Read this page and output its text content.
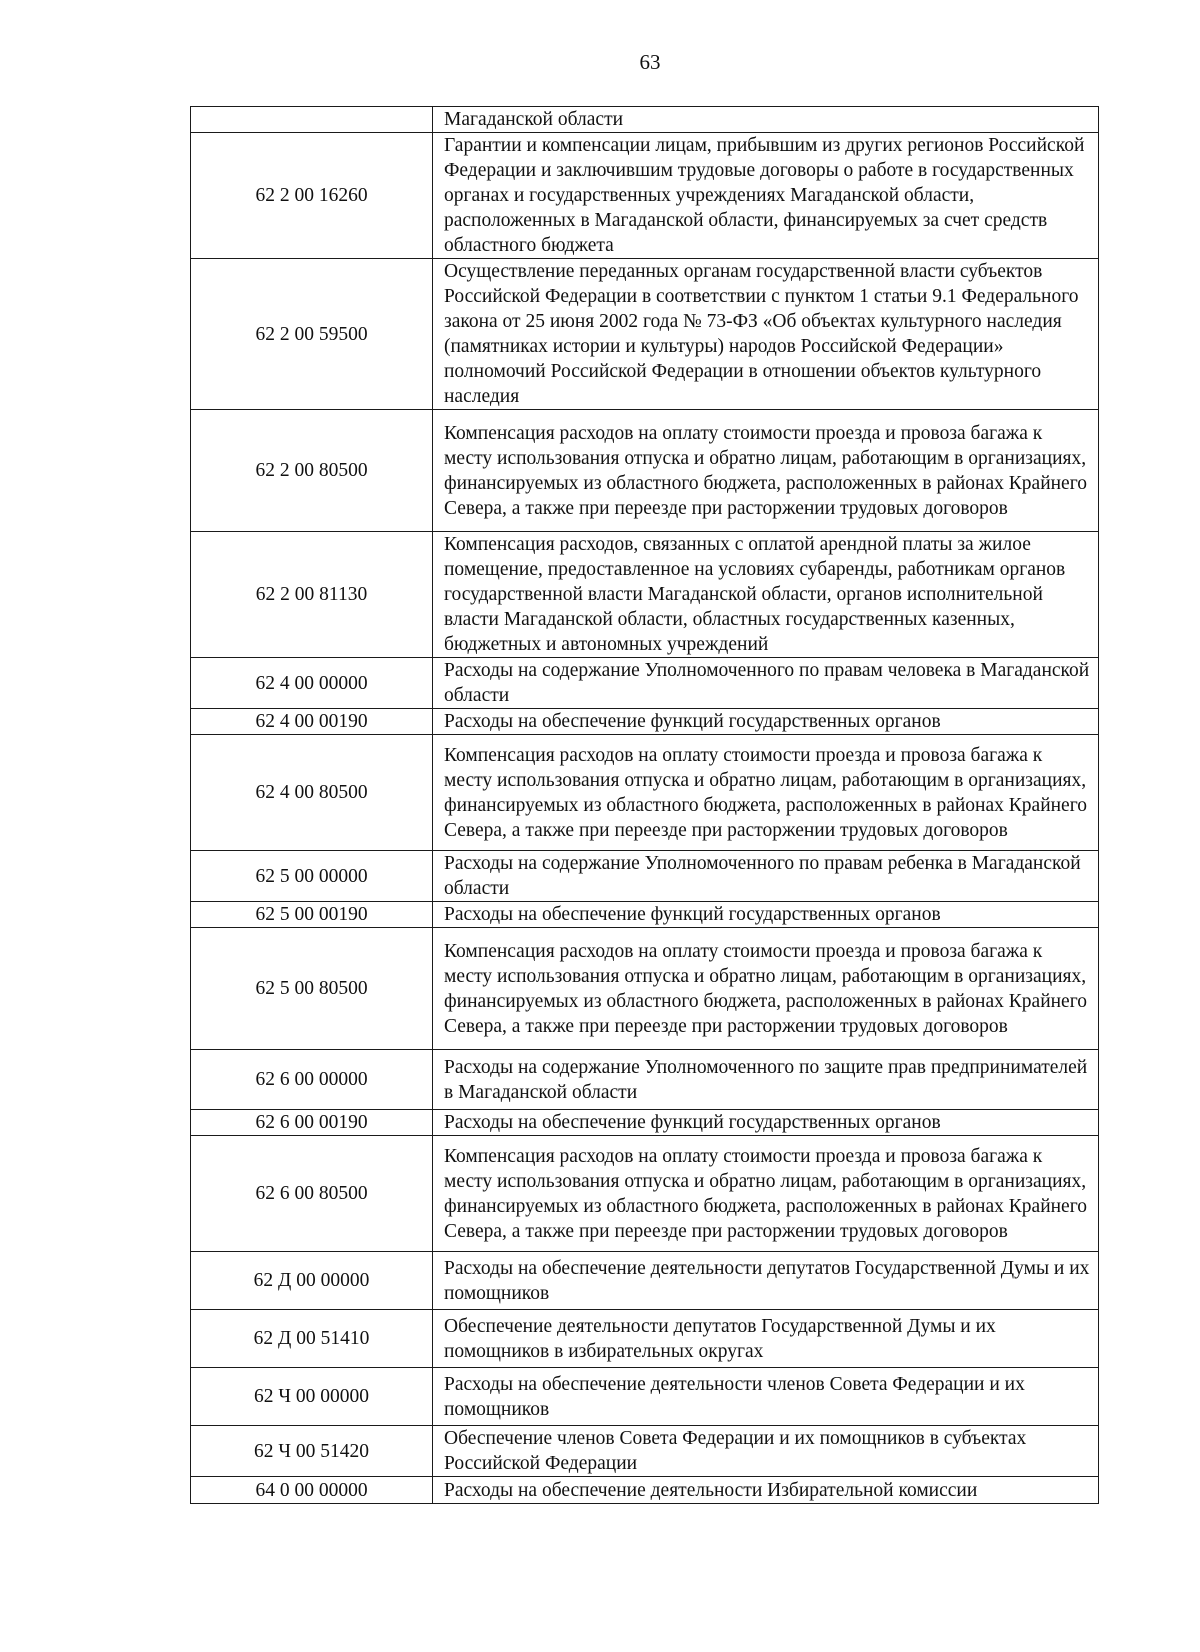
63
	Магаданской области
62 2 00 16260	Гарантии и компенсации лицам, прибывшим из других регионов Российской Федерации и заключившим трудовые договоры о работе в государственных органах и государственных учреждениях Магаданской области, расположенных в Магаданской области, финансируемых за счет средств областного бюджета
62 2 00 59500	Осуществление переданных органам государственной власти субъектов Российской Федерации в соответствии с пунктом 1 статьи 9.1 Федерального закона от 25 июня 2002 года № 73-ФЗ «Об объектах культурного наследия (памятниках истории и культуры) народов Российской Федерации» полномочий Российской Федерации в отношении объектов культурного наследия
62 2 00 80500	Компенсация расходов на оплату стоимости проезда и провоза багажа к месту использования отпуска и обратно лицам, работающим в организациях, финансируемых из областного бюджета, расположенных в районах Крайнего Севера, а также при переезде при расторжении трудовых договоров
62 2 00 81130	Компенсация расходов, связанных с оплатой арендной платы за жилое помещение, предоставленное на условиях субаренды, работникам органов государственной власти Магаданской области, органов исполнительной власти Магаданской области, областных государственных казенных, бюджетных и автономных учреждений
62 4 00 00000	Расходы на содержание Уполномоченного по правам человека в Магаданской области
62 4 00 00190	Расходы на обеспечение функций государственных органов
62 4 00 80500	Компенсация расходов на оплату стоимости проезда и провоза багажа к месту использования отпуска и обратно лицам, работающим в организациях, финансируемых из областного бюджета, расположенных в районах Крайнего Севера, а также при переезде при расторжении трудовых договоров
62 5 00 00000	Расходы на содержание Уполномоченного по правам ребенка в Магаданской области
62 5 00 00190	Расходы на обеспечение функций государственных органов
62 5 00 80500	Компенсация расходов на оплату стоимости проезда и провоза багажа к месту использования отпуска и обратно лицам, работающим в организациях, финансируемых из областного бюджета, расположенных в районах Крайнего Севера, а также при переезде при расторжении трудовых договоров
62 6 00 00000	Расходы на содержание Уполномоченного по защите прав предпринимателей в Магаданской области
62 6 00 00190	Расходы на обеспечение функций государственных органов
62 6 00 80500	Компенсация расходов на оплату стоимости проезда и провоза багажа к месту использования отпуска и обратно лицам, работающим в организациях, финансируемых из областного бюджета, расположенных в районах Крайнего Севера, а также при переезде при расторжении трудовых договоров
62 Д 00 00000	Расходы на обеспечение деятельности депутатов Государственной Думы и их помощников
62 Д 00 51410	Обеспечение деятельности депутатов Государственной Думы и их помощников в избирательных округах
62 Ч 00 00000	Расходы на обеспечение деятельности членов Совета Федерации и их помощников
62 Ч 00 51420	Обеспечение членов Совета Федерации и их помощников в субъектах Российской Федерации
64 0 00 00000	Расходы на обеспечение деятельности Избирательной комиссии
